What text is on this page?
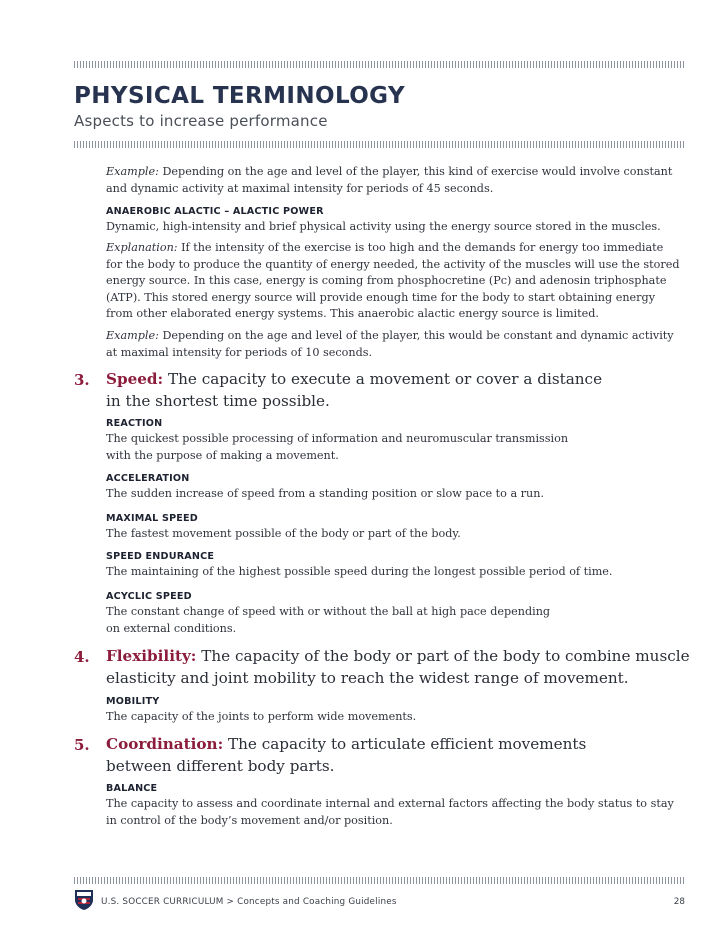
PHYSICAL TERMINOLOGY
Aspects to increase performance
Example: Depending on the age and level of the player, this kind of exercise would involve constant
and dynamic activity at maximal intensity for periods of 45 seconds.
ANAEROBIC ALACTIC – ALACTIC POWER
Dynamic, high-intensity and brief physical activity using the energy source stored in the muscles.
Explanation: If the intensity of the exercise is too high and the demands for energy too immediate
for the body to produce the quantity of energy needed, the activity of the muscles will use the stored
energy source. In this case, energy is coming from phosphocretine (Pc) and adenosin triphosphate
(ATP). This stored energy source will provide enough time for the body to start obtaining energy
from other elaborated energy systems. This anaerobic alactic energy source is limited.
Example: Depending on the age and level of the player, this would be constant and dynamic activity
at maximal intensity for periods of 10 seconds.
3. Speed: The capacity to execute a movement or cover a distance
in the shortest time possible.
REACTION
The quickest possible processing of information and neuromuscular transmission
with the purpose of making a movement.
ACCELERATION
The sudden increase of speed from a standing position or slow pace to a run.
MAXIMAL SPEED
The fastest movement possible of the body or part of the body.
SPEED ENDURANCE
The maintaining of the highest possible speed during the longest possible period of time.
ACYCLIC SPEED
The constant change of speed with or without the ball at high pace depending
on external conditions.
4. Flexibility: The capacity of the body or part of the body to combine muscle
elasticity and joint mobility to reach the widest range of movement.
MOBILITY
The capacity of the joints to perform wide movements.
5. Coordination: The capacity to articulate efficient movements
between different body parts.
BALANCE
The capacity to assess and coordinate internal and external factors affecting the body status to stay
in control of the body’s movement and/or position.
U.S. SOCCER CURRICULUM > Concepts and Coaching Guidelines	28
